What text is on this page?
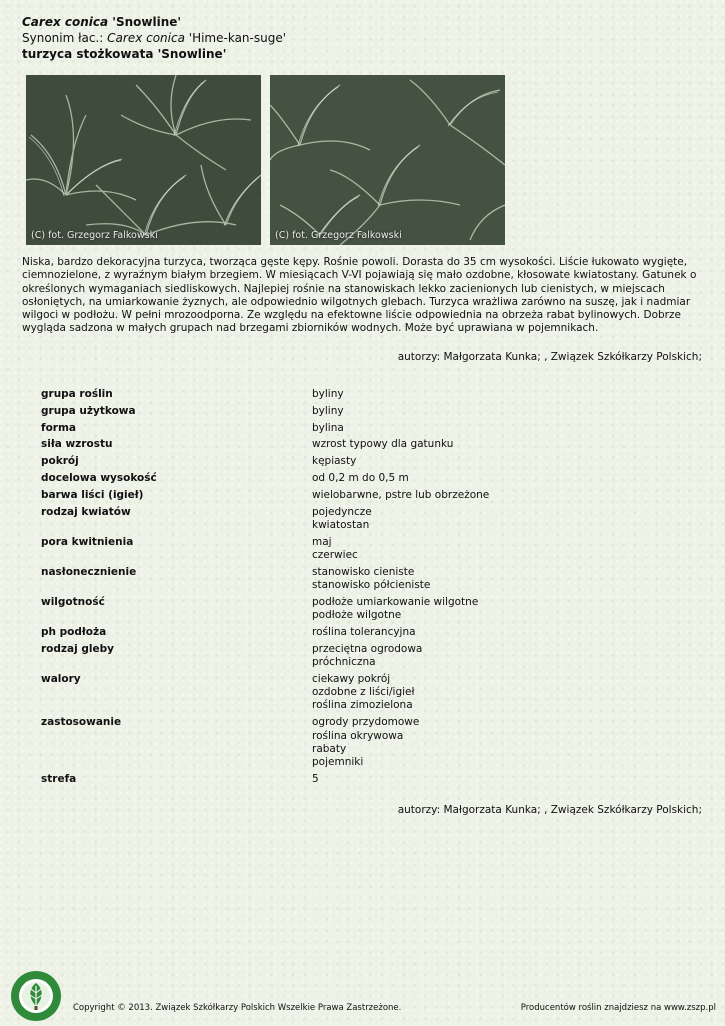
Carex conica 'Snowline'
Synonim łac.: Carex conica 'Hime-kan-suge'
turzyca stożkowata 'Snowline'
(C) fot. Grzegorz Falkowski	(C) fot. Grzegorz Falkowski
Niska, bardzo dekoracyjna turzyca, tworząca gęste kępy. Rośnie powoli. Dorasta do 35 cm wysokości. Liście łukowato wygięte, ciemnozielone, z wyraźnym białym brzegiem. W miesiącach V-VI pojawiają się mało ozdobne, kłosowate kwiatostany. Gatunek o określonych wymaganiach siedliskowych. Najlepiej rośnie na stanowiskach lekko zacienionych lub cienistych, w miejscach osłoniętych, na umiarkowanie żyznych, ale odpowiednio wilgotnych glebach. Turzyca wrażliwa zarówno na suszę, jak i nadmiar wilgoci w podłożu. W pełni mrozoodporna. Ze względu na efektowne liście odpowiednia na obrzeża rabat bylinowych. Dobrze wygląda sadzona w małych grupach nad brzegami zbiorników wodnych. Może być uprawiana w pojemnikach.
autorzy: Małgorzata Kunka; , Związek Szkółkarzy Polskich;
grupa roślin	byliny
grupa użytkowa	byliny
forma	bylina
siła wzrostu	wzrost typowy dla gatunku
pokrój	kępiasty
docelowa wysokość	od 0,2 m do 0,5 m
barwa liści (igieł)	wielobarwne, pstre lub obrzeżone
rodzaj kwiatów	pojedyncze
kwiatostan
pora kwitnienia	maj
czerwiec
nasłonecznienie	stanowisko cieniste
stanowisko półcieniste
wilgotność	podłoże umiarkowanie wilgotne
podłoże wilgotne
ph podłoża	roślina tolerancyjna
rodzaj gleby	przeciętna ogrodowa
próchniczna
walory	ciekawy pokrój
ozdobne z liści/igieł
roślina zimozielona
zastosowanie	ogrody przydomowe
roślina okrywowa
rabaty
pojemniki
strefa	5
autorzy: Małgorzata Kunka; , Związek Szkółkarzy Polskich;
Copyright © 2013. Związek Szkółkarzy Polskich Wszelkie Prawa Zastrzeżone.	Producentów roślin znajdziesz na www.zszp.pl
